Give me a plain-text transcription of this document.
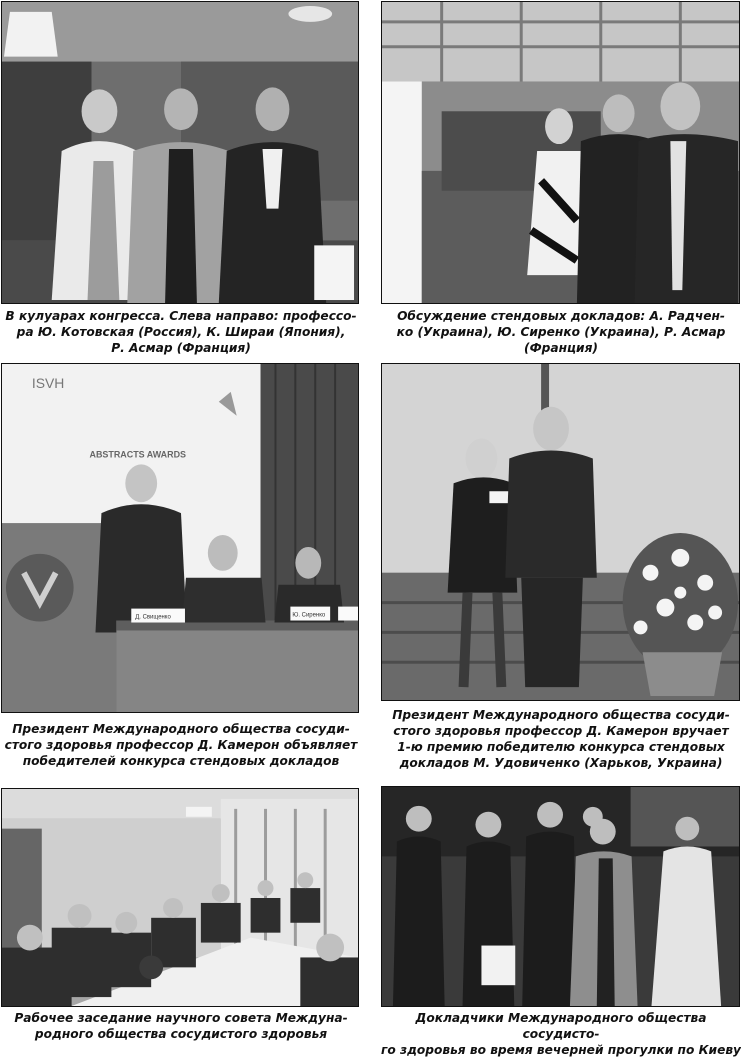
В кулуарах конгресса. Слева направо: профессо-
ра Ю. Котовская (Россия), К. Шираи (Япония),
Р. Асмар (Франция)
Обсуждение стендовых докладов: А. Радчен-
ко (Украина), Ю. Сиренко (Украина), Р. Асмар
(Франция)
ISVH
ABSTRACTS AWARDS
Д. Свищенко	Ю. Сиренко
Президент Международного общества сосуди-
стого здоровья профессор Д. Камерон объявляет
победителей конкурса стендовых докладов
Президент Международного общества сосуди-
стого здоровья профессор Д. Камерон вручает
1-ю премию победителю конкурса стендовых
докладов М. Удовиченко (Харьков, Украина)
Рабочее заседание научного совета Междуна-
родного общества сосудистого здоровья
Докладчики Международного общества сосудисто-
го здоровья во время вечерней прогулки по Киеву
